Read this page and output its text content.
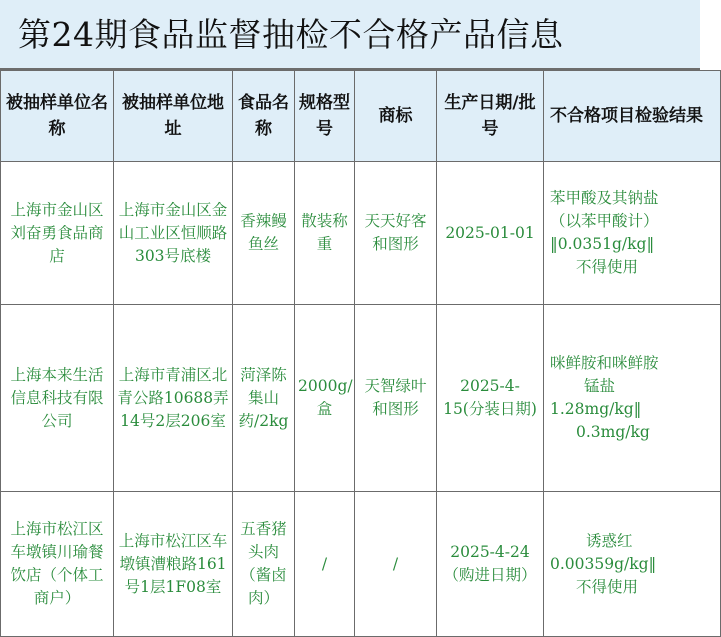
第24期食品监督抽检不合格产品信息
被抽样单位名称	被抽样单位地址	食品名称	规格型号	商标	生产日期/批号	不合格项目检验结果
上海市金山区刘奋勇食品商店	上海市金山区金山工业区恒顺路303号底楼	香辣鳗鱼丝	散装称重	天天好客和图形	2025-01-01	苯甲酸及其钠盐
（以苯甲酸计）
‖0.0351g/kg‖
不得使用

上海本来生活信息科技有限公司	上海市青浦区北青公路10688弄14号2层206室	菏泽陈集山药/2kg	2000g/盒	天智绿叶和图形	2025-4-15(分装日期)	咪鲜胺和咪鲜胺
锰盐
1.28mg/kg‖
0.3mg/kg

上海市松江区车墩镇川瑜餐饮店（个体工商户）	上海市松江区车墩镇漕粮路161号1层1F08室	五香猪头肉（酱卤肉）	/	/	2025-4-24（购进日期）	诱惑红
0.00359g/kg‖
不得使用
